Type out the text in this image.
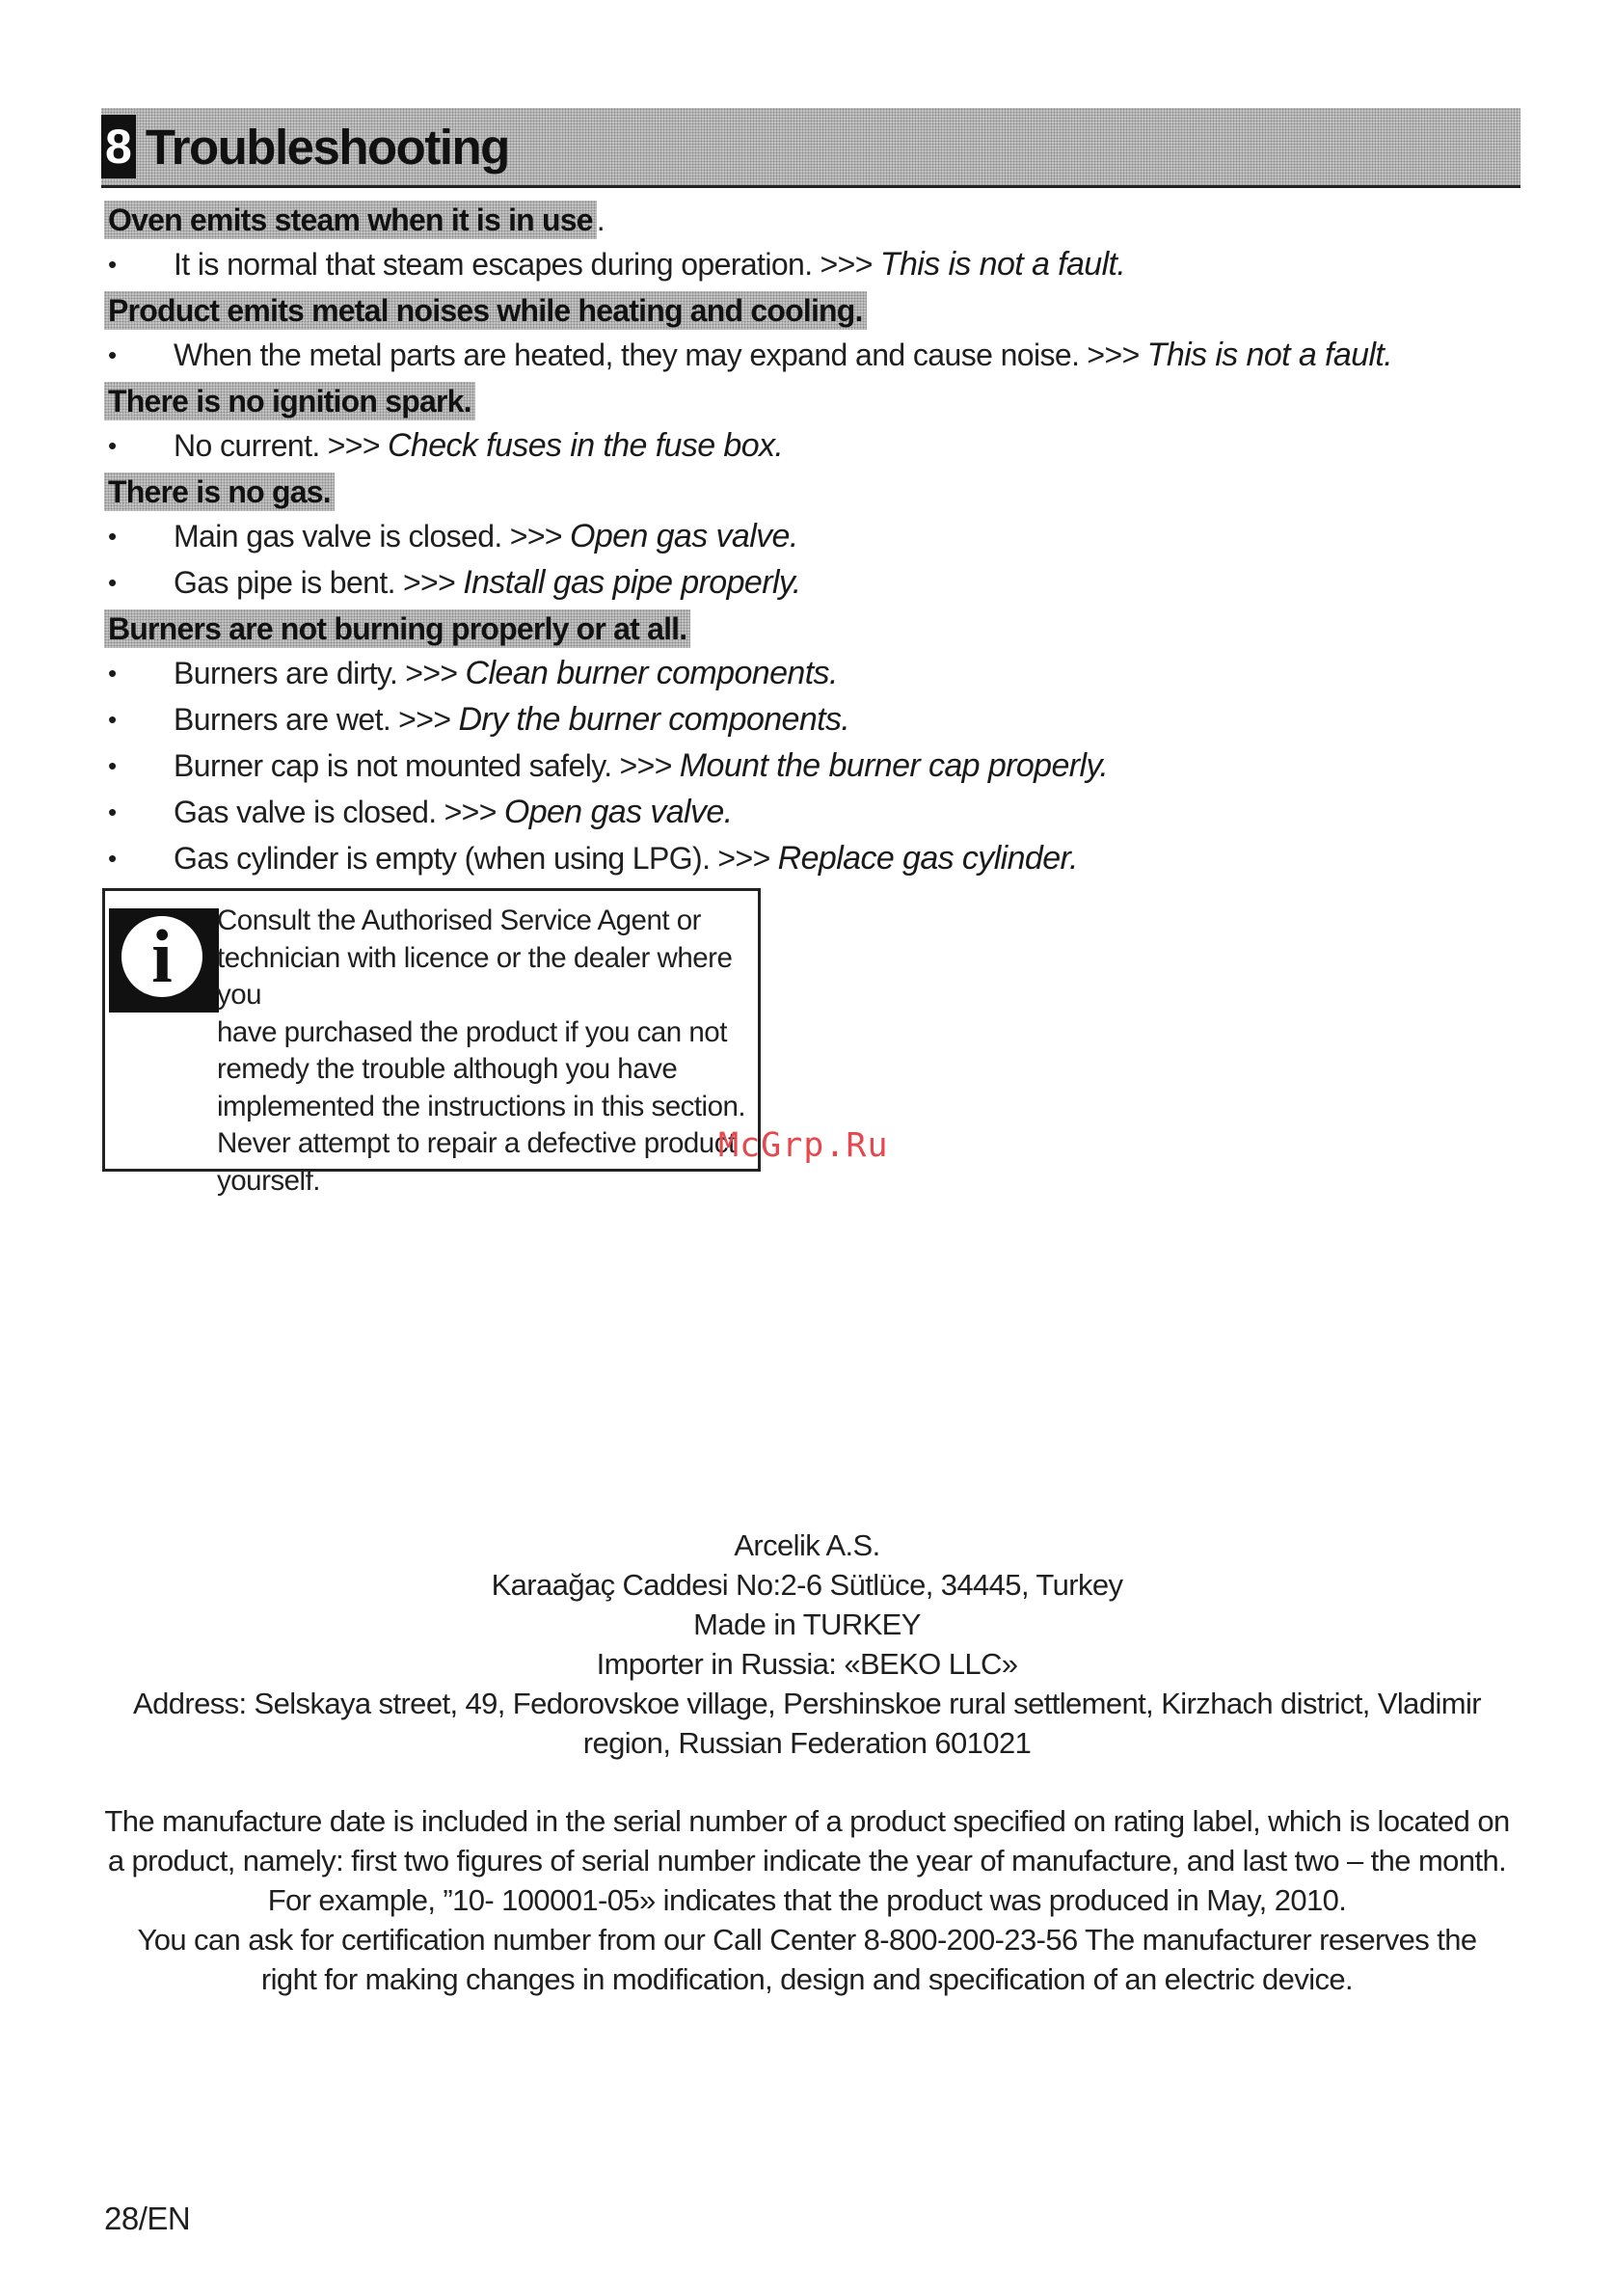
8 Troubleshooting
Oven emits steam when it is in use .
•	It is normal that steam escapes during operation. >>> This is not a fault.
Product emits metal noises while heating and cooling.
•	When the metal parts are heated, they may expand and cause noise. >>> This is not a fault.
There is no ignition spark.
•	No current. >>> Check fuses in the fuse box.
There is no gas.
•	Main gas valve is closed. >>> Open gas valve.
•	Gas pipe is bent. >>> Install gas pipe properly.
Burners are not burning properly or at all.
•	Burners are dirty. >>> Clean burner components.
•	Burners are wet. >>> Dry the burner components.
•	Burner cap is not mounted safely. >>> Mount the burner cap properly.
•	Gas valve is closed. >>> Open gas valve.
•	Gas cylinder is empty (when using LPG). >>> Replace gas cylinder.
i	Consult the Authorised Service Agent or
technician with licence or the dealer where you
have purchased the product if you can not
remedy the trouble although you have
implemented the instructions in this section.
Never attempt to repair a defective product
yourself.
McGrp.Ru
Arcelik A.S.
Karaağaç Caddesi No:2-6 Sütlüce, 34445, Turkey
Made in TURKEY
Importer in Russia: «BEKO LLC»
Address: Selskaya street, 49, Fedorovskoe village, Pershinskoe rural settlement, Kirzhach district, Vladimir
region, Russian Federation 601021
The manufacture date is included in the serial number of a product specified on rating label, which is located on
a product, namely: first two figures of serial number indicate the year of manufacture, and last two – the month.
For example, ”10- 100001-05» indicates that the product was produced in May, 2010.
You can ask for certification number from our Call Center 8-800-200-23-56 The manufacturer reserves the
right for making changes in modification, design and specification of an electric device.
28/EN
